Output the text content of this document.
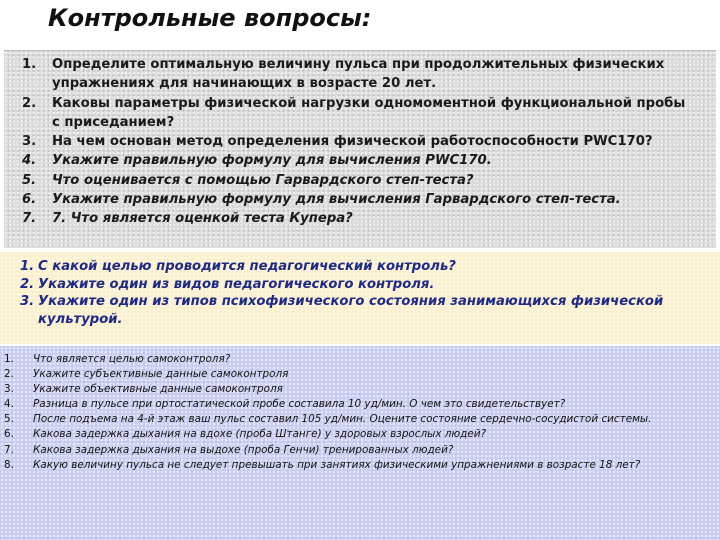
Контрольные вопросы:
1.	Определите оптимальную величину пульса при продолжительных физических упражнениях для начинающих в возрасте 20 лет.
2.	Каковы параметры физической нагрузки одномоментной функциональной пробы с приседанием?
3.	На чем основан метод определения физической работоспособности PWC170?
4.	Укажите правильную формулу для вычисления PWC170.
5.	Что оценивается с помощью Гарвардского степ-теста?
6.	Укажите правильную формулу для вычисления Гарвардского степ-теста.
7.	7. Что является оценкой теста Купера?
1. С какой целью проводится педагогический контроль?
2. Укажите один из видов педагогического контроля.
3. Укажите один из типов психофизического состояния занимающихся физической культурой.
1.	Что является целью самоконтроля?
2.	Укажите субъективные данные самоконтроля
3.	Укажите объективные данные самоконтроля
4.	Разница в пульсе при ортостатической пробе составила 10 уд/мин. О чем это свидетельствует?
5.	После подъема на 4-й этаж ваш пульс составил 105 уд/мин. Оцените состояние сердечно-сосудистой системы.
6.	Какова задержка дыхания на вдохе (проба Штанге) у здоровых взрослых людей?
7.	Какова задержка дыхания на выдохе (проба Генчи) тренированных людей?
8.	Какую величину пульса не следует превышать при занятиях физическими упражнениями в возрасте 18 лет?
